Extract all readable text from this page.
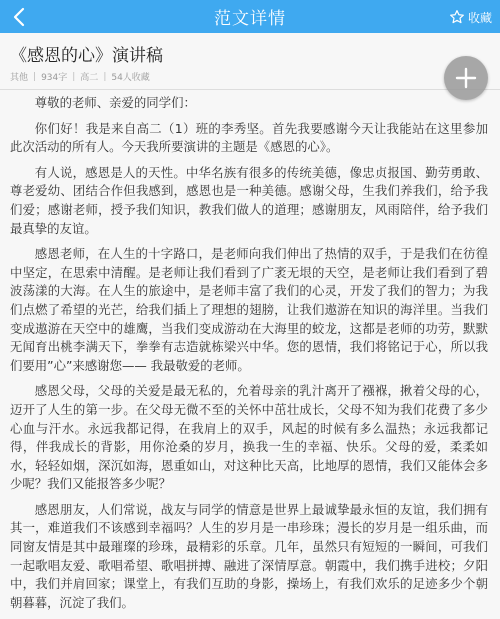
范文详情	收藏
《感恩的心》演讲稿
其他 | 934字 | 高二 | 54人收藏

尊敬的老师、亲爱的同学们：

你们好！我是来自高二（1）班的李秀坚。首先我要感谢今天让我能站在这里参加此次活动的所有人。今天我所要演讲的主题是《感恩的心》。

有人说，感恩是人的天性。中华名族有很多的传统美德，像忠贞报国、勤劳勇敢、尊老爱幼、团结合作但我感到，感恩也是一种美德。感谢父母，生我们养我们，给予我们爱；感谢老师，授予我们知识，教我们做人的道理；感谢朋友，风雨陪伴，给予我们最真挚的友谊。

感恩老师，在人生的十字路口，是老师向我们伸出了热情的双手，于是我们在彷徨中坚定，在思索中清醒。是老师让我们看到了广袤无垠的天空，是老师让我们看到了碧波荡漾的大海。在人生的旅途中，是老师丰富了我们的心灵，开发了我们的智力；为我们点燃了希望的光芒，给我们插上了理想的翅膀，让我们遨游在知识的海洋里。当我们变成遨游在天空中的雄鹰，当我们变成游动在大海里的蛟龙，这都是老师的功劳，默默无闻育出桃李满天下，拳拳有志造就栋梁兴中华。您的恩情，我们将铭记于心，所以我们要用”心”来感谢您—— 我最敬爱的老师。

感恩父母，父母的关爱是最无私的，允着母亲的乳汁离开了襁褓，揪着父母的心，迈开了人生的第一步。在父母无微不至的关怀中茁壮成长，父母不知为我们花费了多少心血与汗水。永远我都记得，在我肩上的双手，风起的时候有多么温热；永远我都记得，伴我成长的背影，用你沧桑的岁月，换我一生的幸福、快乐。父母的爱，柔柔如水，轻轻如烟，深沉如海，恩重如山，对这种比天高，比地厚的恩情，我们又能体会多少呢？我们又能报答多少呢？

感恩朋友，人们常说，战友与同学的情意是世界上最诚挚最永恒的友谊，我们拥有其一，难道我们不该感到幸福吗？人生的岁月是一串珍珠；漫长的岁月是一组乐曲，而同窗友情是其中最璀璨的珍珠，最精彩的乐章。几年，虽然只有短短的一瞬间，可我们一起歌唱友爱、歌唱希望、歌唱拼搏、融进了深情厚意。朝霞中，我们携手进校；夕阳中，我们并肩回家；课堂上，有我们互助的身影，操场上，有我们欢乐的足迹多少个朝朝暮暮，沉淀了我们。
